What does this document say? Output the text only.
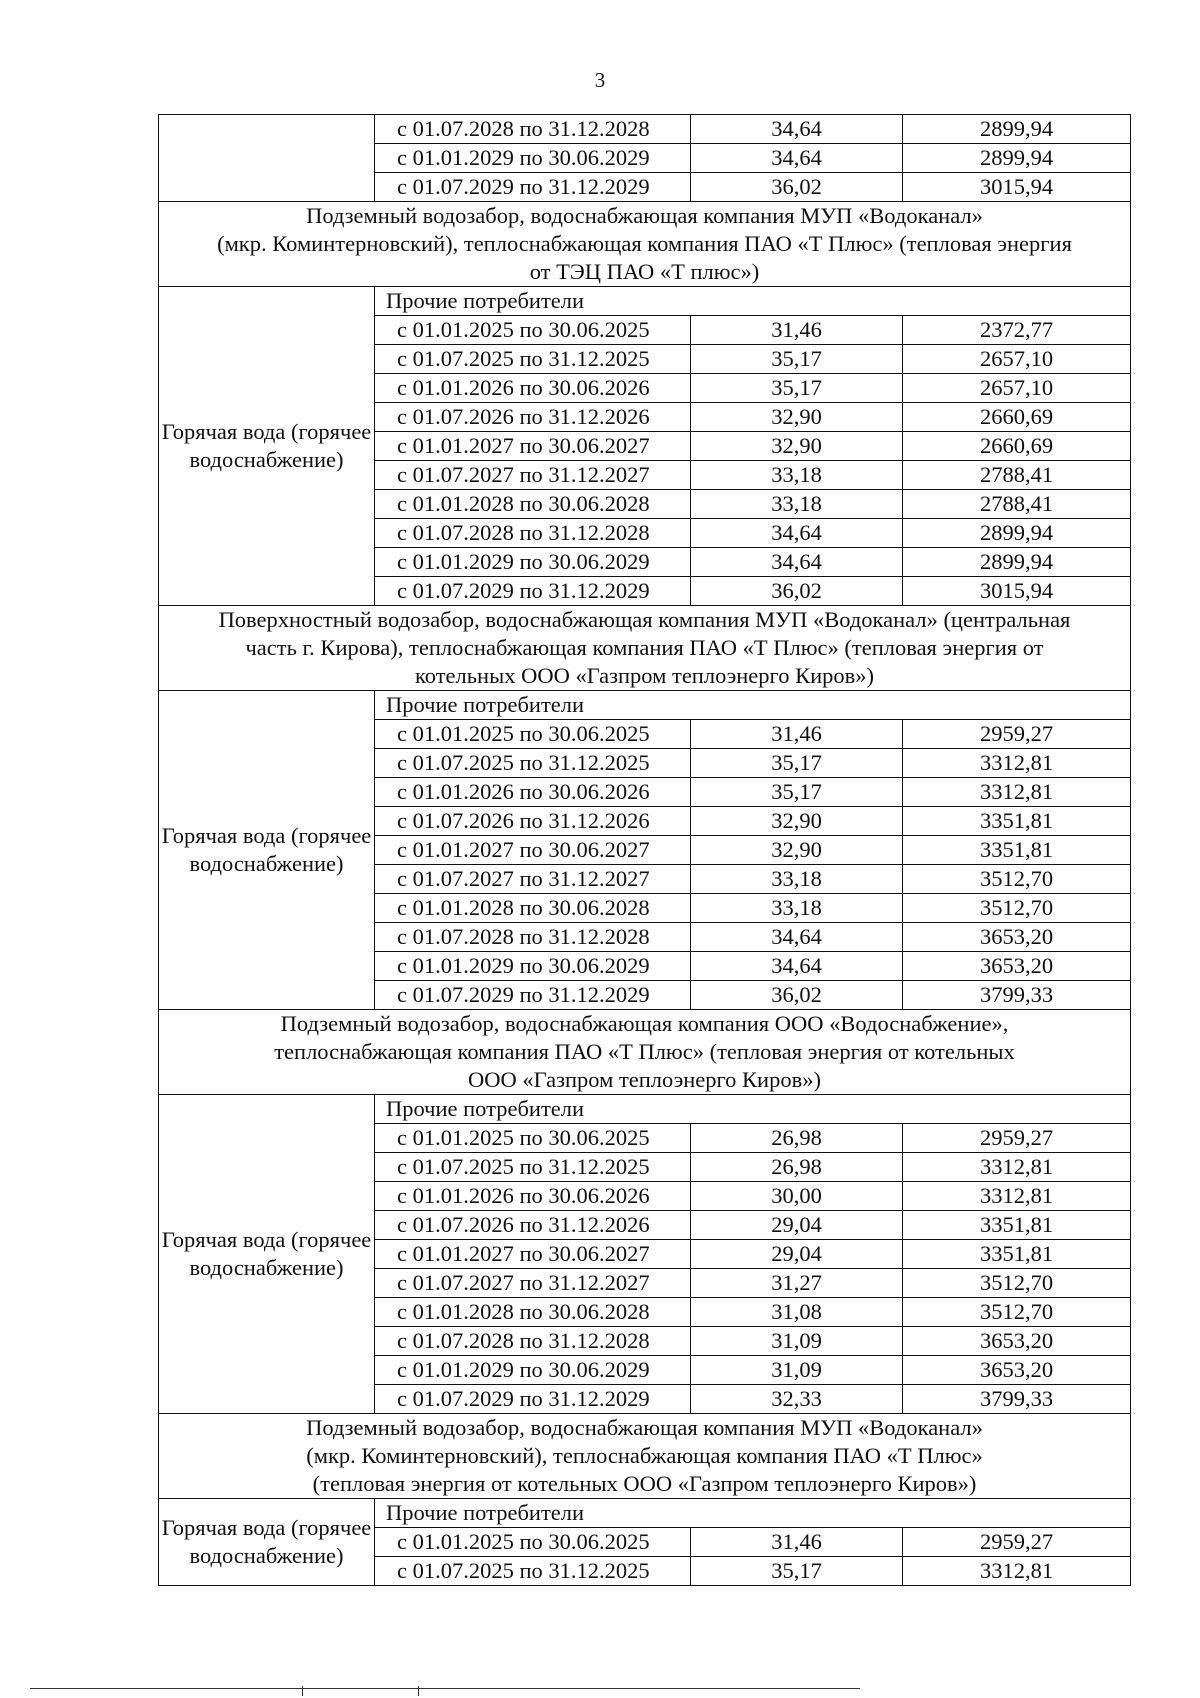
3
	с 01.07.2028 по 31.12.2028	34,64	2899,94
	с 01.01.2029 по 30.06.2029	34,64	2899,94
	с 01.07.2029 по 31.12.2029	36,02	3015,94

Подземный водозабор, водоснабжающая компания МУП «Водоканал»
(мкр. Коминтерновский), теплоснабжающая компания ПАО «Т Плюс» (тепловая энергия
от ТЭЦ ПАО «Т плюс»)			

Горячая вода (горячее водоснабжение)	Прочие потребители		
	с 01.01.2025 по 30.06.2025	31,46	2372,77
	с 01.07.2025 по 31.12.2025	35,17	2657,10
	с 01.01.2026 по 30.06.2026	35,17	2657,10
	с 01.07.2026 по 31.12.2026	32,90	2660,69
	с 01.01.2027 по 30.06.2027	32,90	2660,69
	с 01.07.2027 по 31.12.2027	33,18	2788,41
	с 01.01.2028 по 30.06.2028	33,18	2788,41
	с 01.07.2028 по 31.12.2028	34,64	2899,94
	с 01.01.2029 по 30.06.2029	34,64	2899,94
	с 01.07.2029 по 31.12.2029	36,02	3015,94

Поверхностный водозабор, водоснабжающая компания МУП «Водоканал» (центральная
часть г. Кирова), теплоснабжающая компания ПАО «Т Плюс» (тепловая энергия от
котельных ООО «Газпром теплоэнерго Киров»)			

Горячая вода (горячее водоснабжение)	Прочие потребители		
	с 01.01.2025 по 30.06.2025	31,46	2959,27
	с 01.07.2025 по 31.12.2025	35,17	3312,81
	с 01.01.2026 по 30.06.2026	35,17	3312,81
	с 01.07.2026 по 31.12.2026	32,90	3351,81
	с 01.01.2027 по 30.06.2027	32,90	3351,81
	с 01.07.2027 по 31.12.2027	33,18	3512,70
	с 01.01.2028 по 30.06.2028	33,18	3512,70
	с 01.07.2028 по 31.12.2028	34,64	3653,20
	с 01.01.2029 по 30.06.2029	34,64	3653,20
	с 01.07.2029 по 31.12.2029	36,02	3799,33

Подземный водозабор, водоснабжающая компания ООО «Водоснабжение»,
теплоснабжающая компания ПАО «Т Плюс» (тепловая энергия от котельных
ООО «Газпром теплоэнерго Киров»)			

Горячая вода (горячее водоснабжение)	Прочие потребители		
	с 01.01.2025 по 30.06.2025	26,98	2959,27
	с 01.07.2025 по 31.12.2025	26,98	3312,81
	с 01.01.2026 по 30.06.2026	30,00	3312,81
	с 01.07.2026 по 31.12.2026	29,04	3351,81
	с 01.01.2027 по 30.06.2027	29,04	3351,81
	с 01.07.2027 по 31.12.2027	31,27	3512,70
	с 01.01.2028 по 30.06.2028	31,08	3512,70
	с 01.07.2028 по 31.12.2028	31,09	3653,20
	с 01.01.2029 по 30.06.2029	31,09	3653,20
	с 01.07.2029 по 31.12.2029	32,33	3799,33

Подземный водозабор, водоснабжающая компания МУП «Водоканал»
(мкр. Коминтерновский), теплоснабжающая компания ПАО «Т Плюс»
(тепловая энергия от котельных ООО «Газпром теплоэнерго Киров»)			

Горячая вода (горячее водоснабжение)	Прочие потребители		
	с 01.01.2025 по 30.06.2025	31,46	2959,27
	с 01.07.2025 по 31.12.2025	35,17	3312,81
